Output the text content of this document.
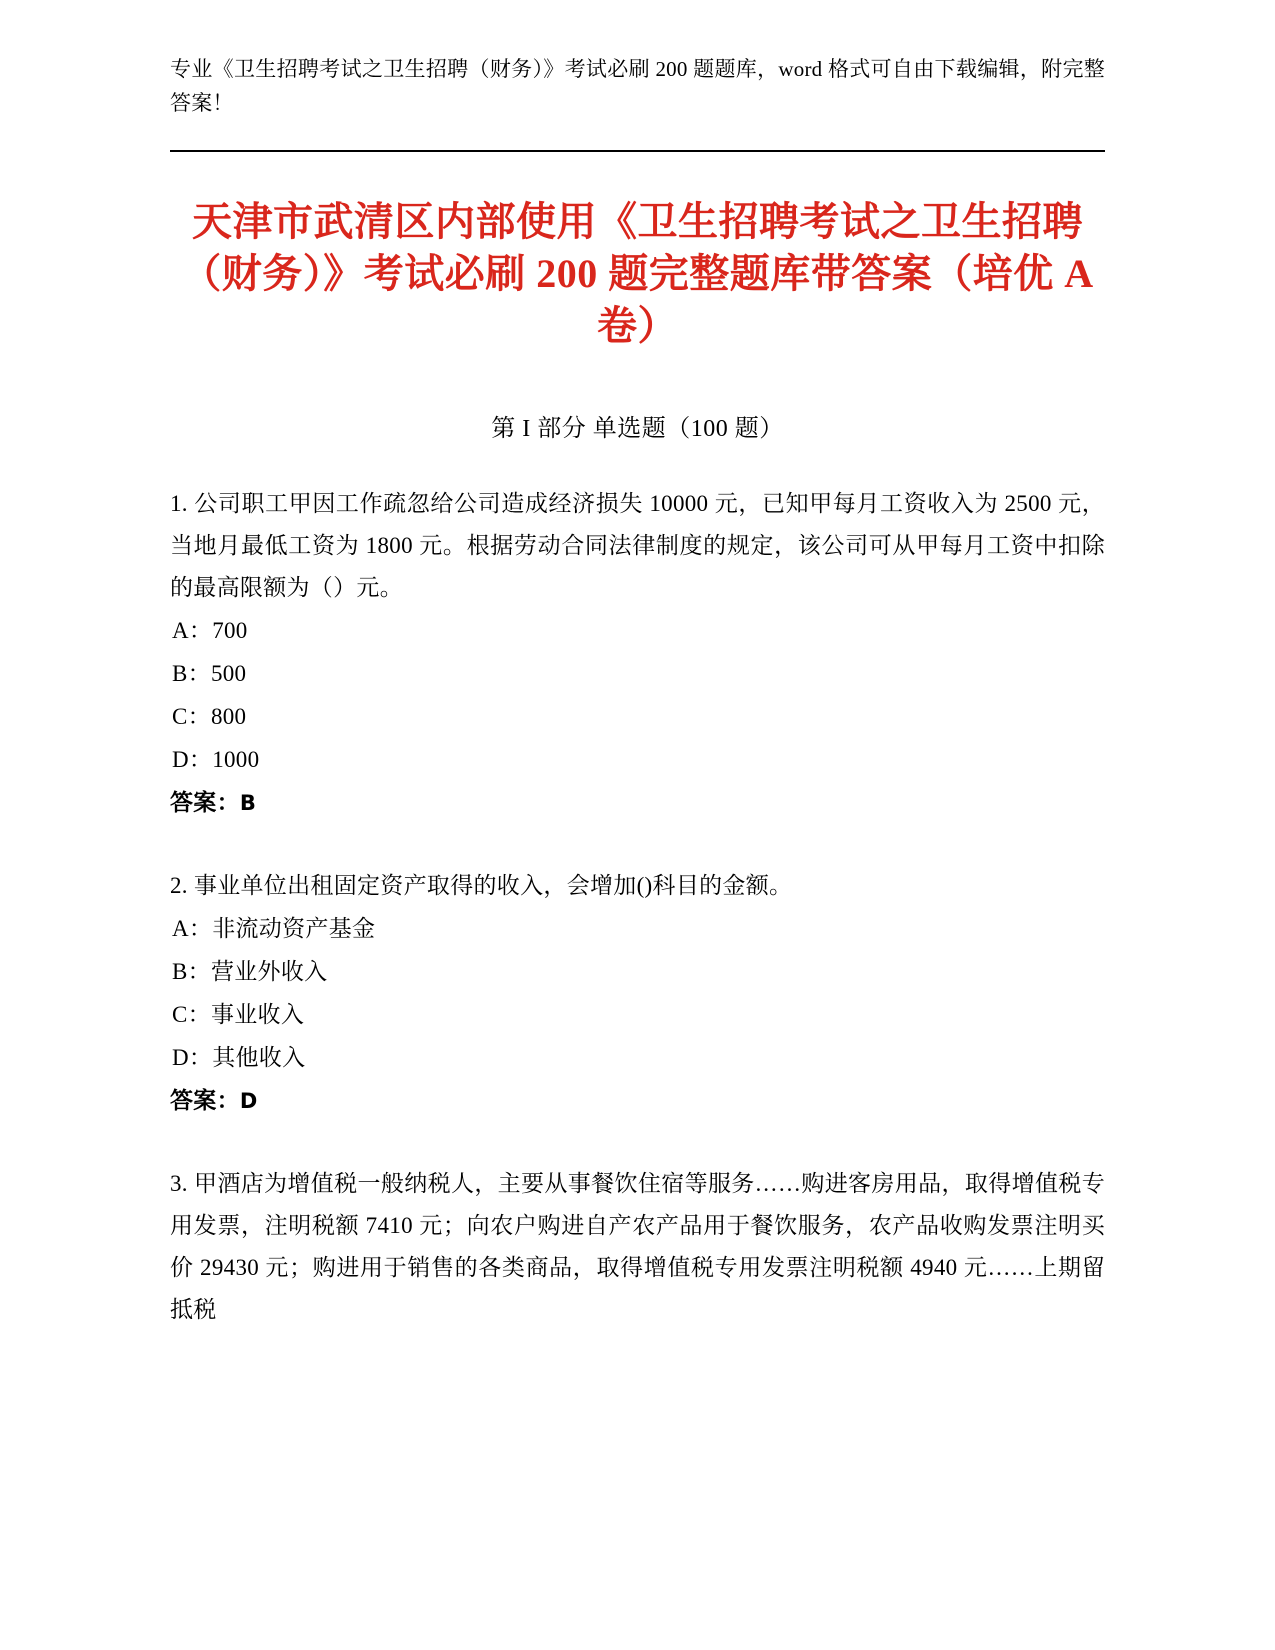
专业《卫生招聘考试之卫生招聘（财务）》考试必刷 200 题题库，word 格式可自由下载编辑，附完整答案！
天津市武清区内部使用《卫生招聘考试之卫生招聘（财务）》考试必刷 200 题完整题库带答案（培优 A 卷）
第 I 部分 单选题（100 题）
1. 公司职工甲因工作疏忽给公司造成经济损失 10000 元，已知甲每月工资收入为 2500 元，当地月最低工资为 1800 元。根据劳动合同法律制度的规定，该公司可从甲每月工资中扣除的最高限额为（）元。
A：700
B：500
C：800
D：1000
答案：B
2. 事业单位出租固定资产取得的收入，会增加()科目的金额。
A：非流动资产基金
B：营业外收入
C：事业收入
D：其他收入
答案：D
3. 甲酒店为增值税一般纳税人，主要从事餐饮住宿等服务……购进客房用品，取得增值税专用发票，注明税额 7410 元；向农户购进自产农产品用于餐饮服务，农产品收购发票注明买价 29430 元；购进用于销售的各类商品，取得增值税专用发票注明税额 4940 元……上期留抵税
